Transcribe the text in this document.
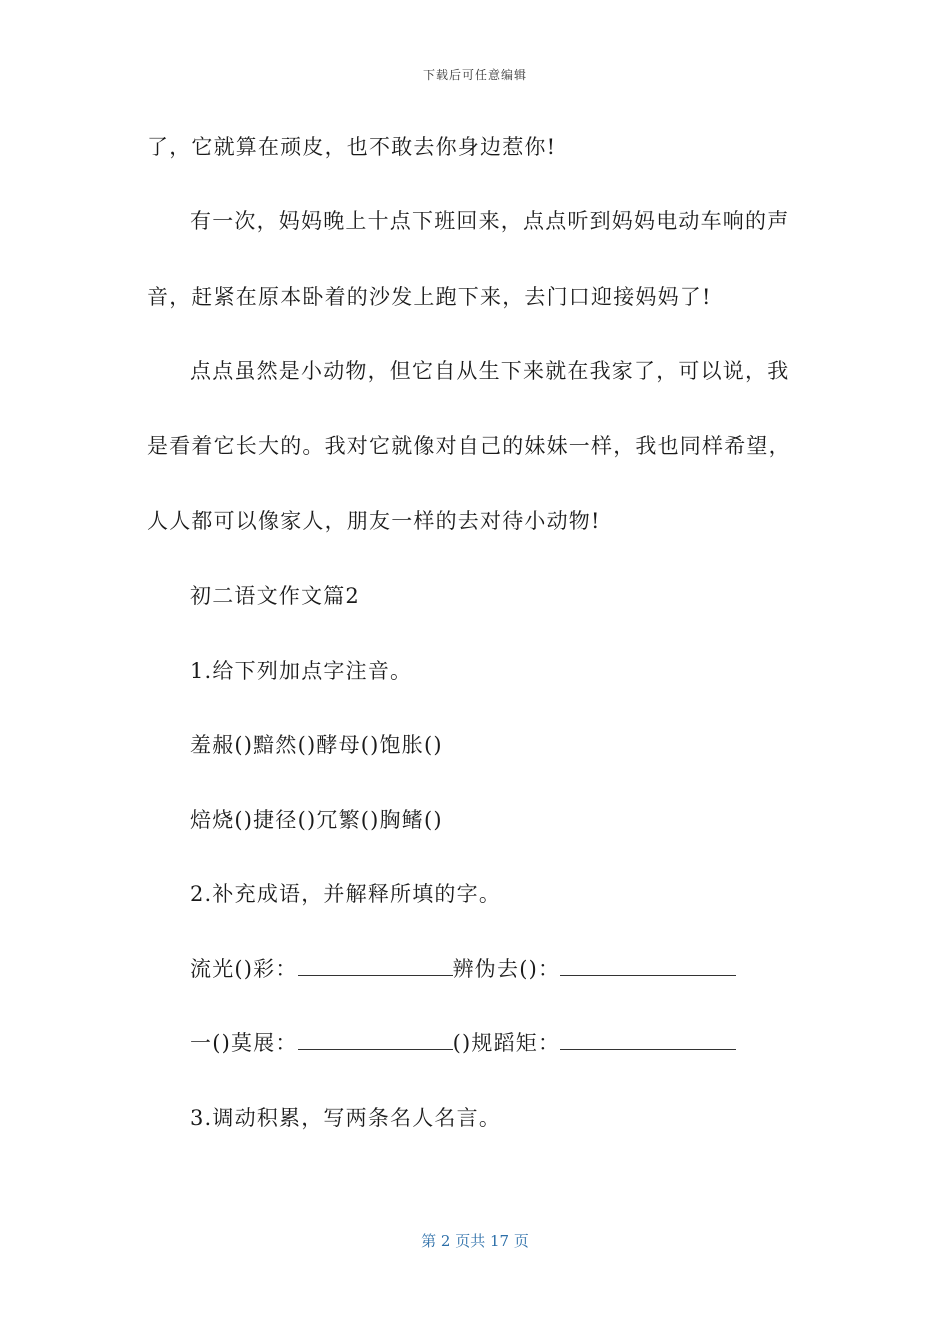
下载后可任意编辑
了，它就算在顽皮，也不敢去你身边惹你!
有一次，妈妈晚上十点下班回来，点点听到妈妈电动车响的声
音，赶紧在原本卧着的沙发上跑下来，去门口迎接妈妈了!
点点虽然是小动物，但它自从生下来就在我家了，可以说，我
是看着它长大的。我对它就像对自己的妹妹一样，我也同样希望，
人人都可以像家人，朋友一样的去对待小动物!
初二语文作文篇2
1.给下列加点字注音。
羞赧()黯然()酵母()饱胀()
焙烧()捷径()冗繁()胸鳍()
2.补充成语，并解释所填的字。
流光()彩：	辨伪去()：
一()莫展：	()规蹈矩：
3.调动积累，写两条名人名言。
第 2 页共 17 页
